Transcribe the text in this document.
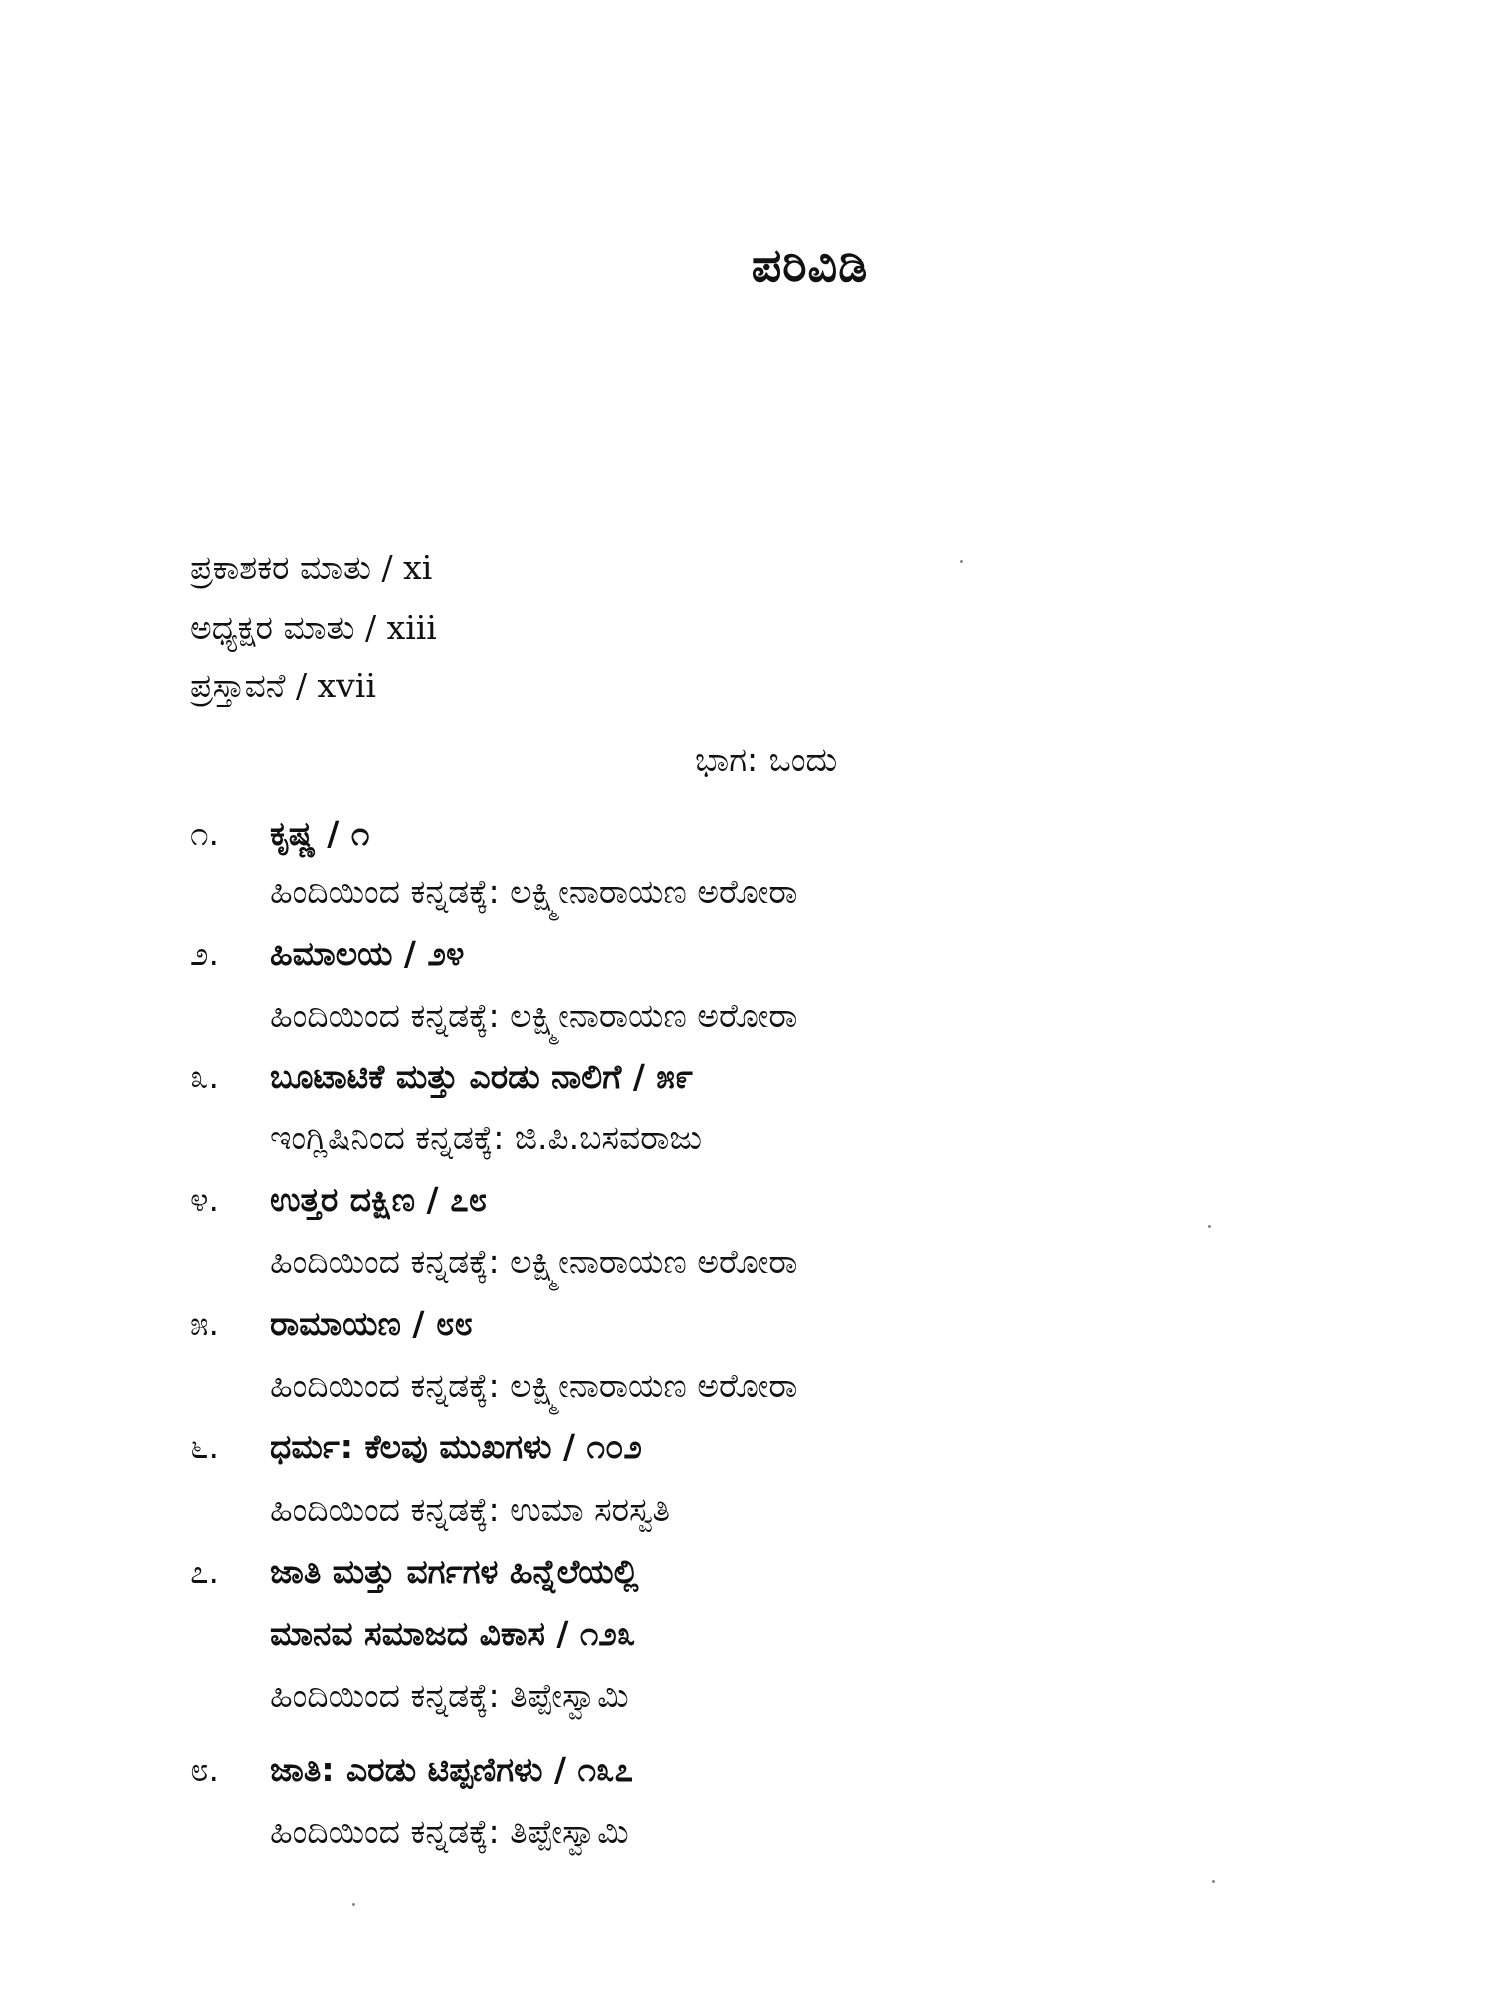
ಪರಿವಿಡಿ
ಪ್ರಕಾಶಕರ ಮಾತು / xi
ಅಧ್ಯಕ್ಷರ ಮಾತು / xiii
ಪ್ರಸ್ತಾವನೆ / xvii
ಭಾಗ: ಒಂದು
೧. ಕೃಷ್ಣ / ೧
ಹಿಂದಿಯಿಂದ ಕನ್ನಡಕ್ಕೆ: ಲಕ್ಷ್ಮೀನಾರಾಯಣ ಅರೋರಾ
೨. ಹಿಮಾಲಯ / ೨೪
ಹಿಂದಿಯಿಂದ ಕನ್ನಡಕ್ಕೆ: ಲಕ್ಷ್ಮೀನಾರಾಯಣ ಅರೋರಾ
೩. ಬೂಟಾಟಿಕೆ ಮತ್ತು ಎರಡು ನಾಲಿಗೆ / ೫೯
ಇಂಗ್ಲಿಷಿನಿಂದ ಕನ್ನಡಕ್ಕೆ: ಜಿ.ಪಿ.ಬಸವರಾಜು
೪. ಉತ್ತರ ದಕ್ಷಿಣ / ೭೮
ಹಿಂದಿಯಿಂದ ಕನ್ನಡಕ್ಕೆ: ಲಕ್ಷ್ಮೀನಾರಾಯಣ ಅರೋರಾ
೫. ರಾಮಾಯಣ / ೮೮
ಹಿಂದಿಯಿಂದ ಕನ್ನಡಕ್ಕೆ: ಲಕ್ಷ್ಮೀನಾರಾಯಣ ಅರೋರಾ
೬. ಧರ್ಮ: ಕೆಲವು ಮುಖಗಳು / ೧೦೨
ಹಿಂದಿಯಿಂದ ಕನ್ನಡಕ್ಕೆ: ಉಮಾ ಸರಸ್ವತಿ
೭. ಜಾತಿ ಮತ್ತು ವರ್ಗಗಳ ಹಿನ್ನೆಲೆಯಲ್ಲಿ
ಮಾನವ ಸಮಾಜದ ವಿಕಾಸ / ೧೨೩
ಹಿಂದಿಯಿಂದ ಕನ್ನಡಕ್ಕೆ: ತಿಪ್ಪೇಸ್ವಾಮಿ
೮. ಜಾತಿ: ಎರಡು ಟಿಪ್ಪಣಿಗಳು / ೧೩೭
ಹಿಂದಿಯಿಂದ ಕನ್ನಡಕ್ಕೆ: ತಿಪ್ಪೇಸ್ವಾಮಿ
